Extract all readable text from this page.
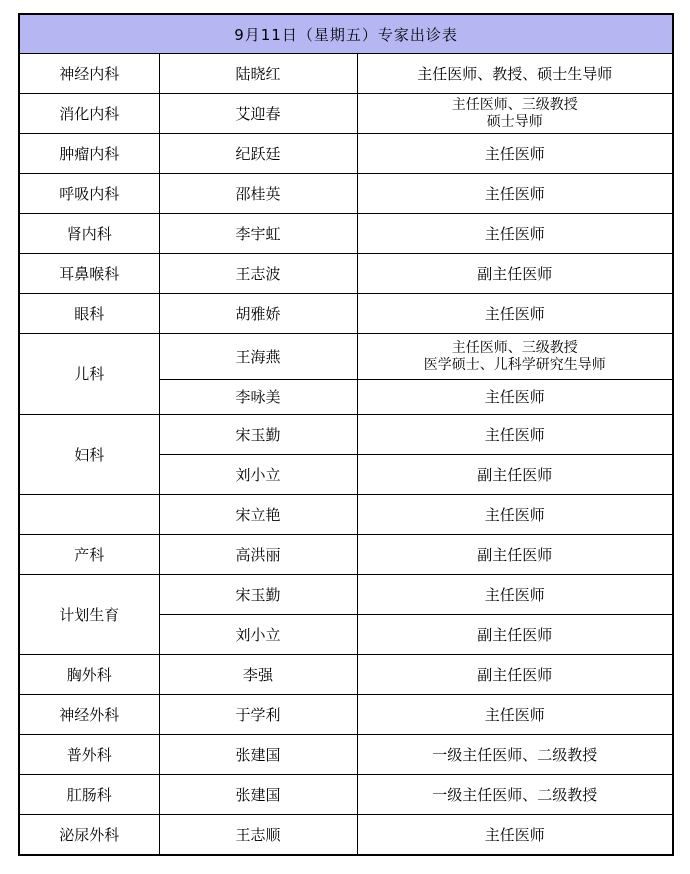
9月11日（星期五）专家出诊表		

神经内科	陆晓红	主任医师、教授、硕士生导师

消化内科	艾迎春	主任医师、三级教授
硕士导师

肿瘤内科	纪跃廷	主任医师

呼吸内科	邵桂英	主任医师

肾内科	李宇虹	主任医师

耳鼻喉科	王志波	副主任医师

眼科	胡雅娇	主任医师

儿科	王海燕	主任医师、三级教授
医学硕士、儿科学研究生导师

	李咏美	主任医师

妇科	宋玉勤	主任医师

	刘小立	副主任医师

	宋立艳	主任医师

产科	高洪丽	副主任医师

计划生育	宋玉勤	主任医师

	刘小立	副主任医师

胸外科	李强	副主任医师

神经外科	于学利	主任医师

普外科	张建国	一级主任医师、二级教授

肛肠科	张建国	一级主任医师、二级教授

泌尿外科	王志顺	主任医师
